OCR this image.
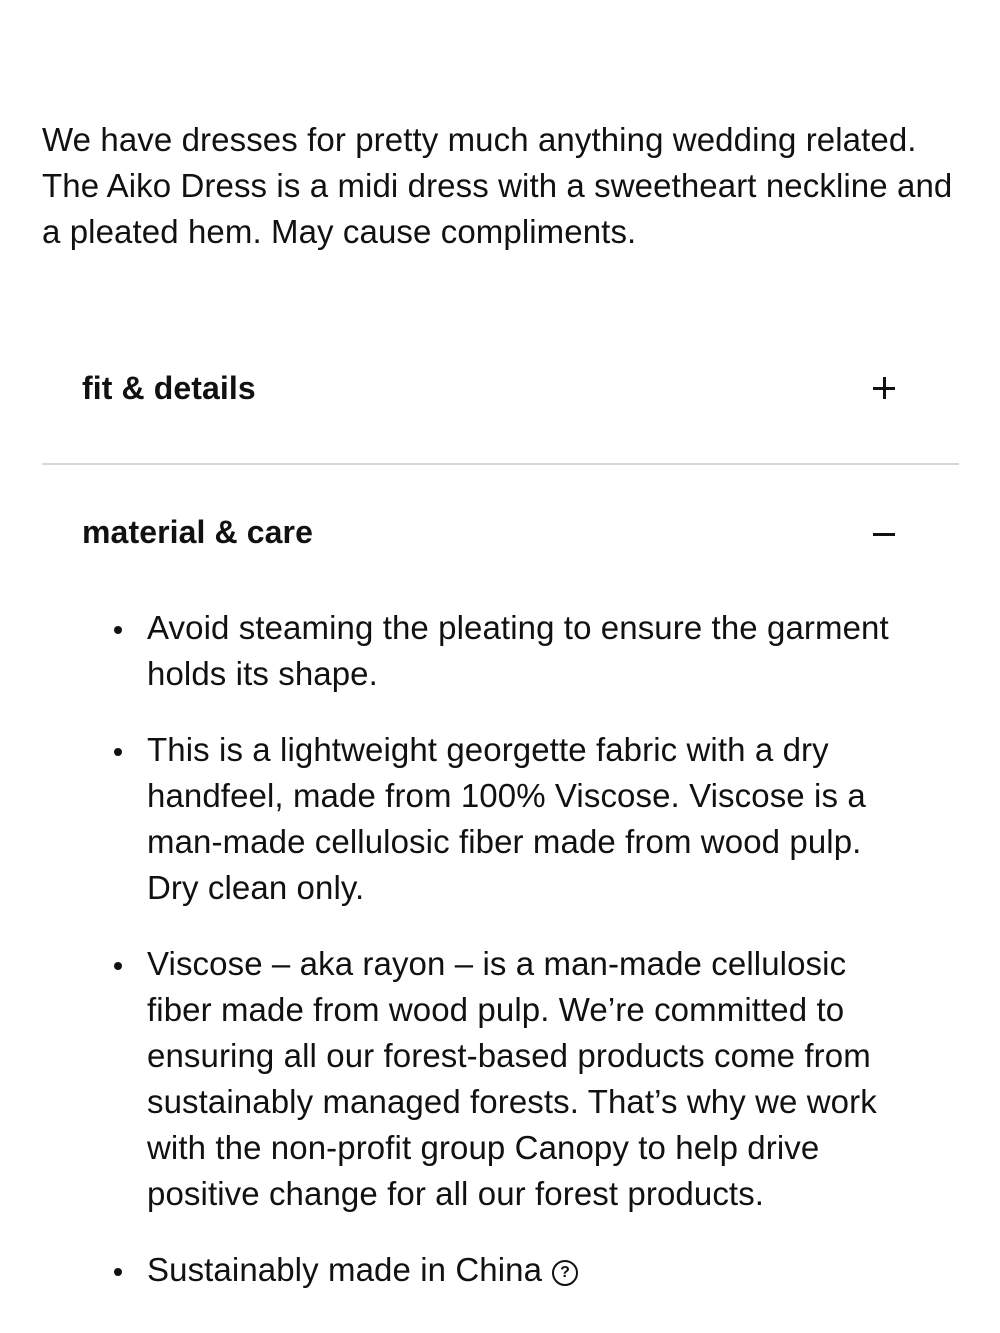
We have dresses for pretty much anything wedding related. The Aiko Dress is a midi dress with a sweetheart neckline and a pleated hem. May cause compliments.

fit & details
material & care
Avoid steaming the pleating to ensure the garment holds its shape.
This is a lightweight georgette fabric with a dry handfeel, made from 100% Viscose. Viscose is a man-made cellulosic fiber made from wood pulp. Dry clean only.
Viscose – aka rayon – is a man-made cellulosic fiber made from wood pulp. We’re committed to ensuring all our forest-based products come from sustainably managed forests. That’s why we work with the non-profit group Canopy to help drive positive change for all our forest products.
Sustainably made in China ?
